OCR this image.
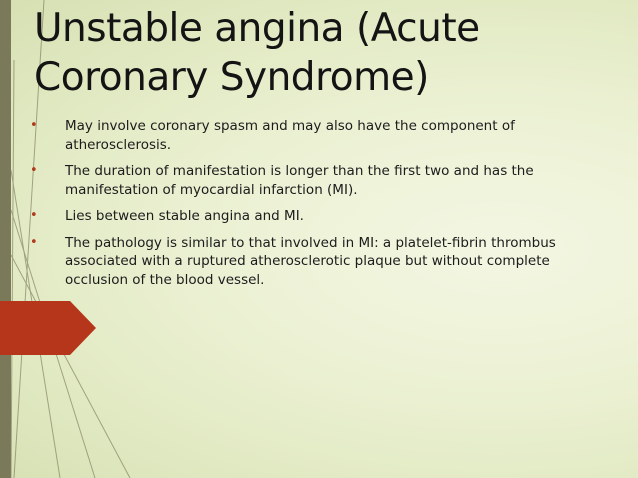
Unstable angina (Acute Coronary Syndrome)
• May involve coronary spasm and may also have the component of atherosclerosis.
• The duration of manifestation is longer than the first two and has the manifestation of myocardial infarction (MI).
• Lies between stable angina and MI.
• The pathology is similar to that involved in MI: a platelet-fibrin thrombus associated with a ruptured atherosclerotic plaque but without complete occlusion of the blood vessel.
